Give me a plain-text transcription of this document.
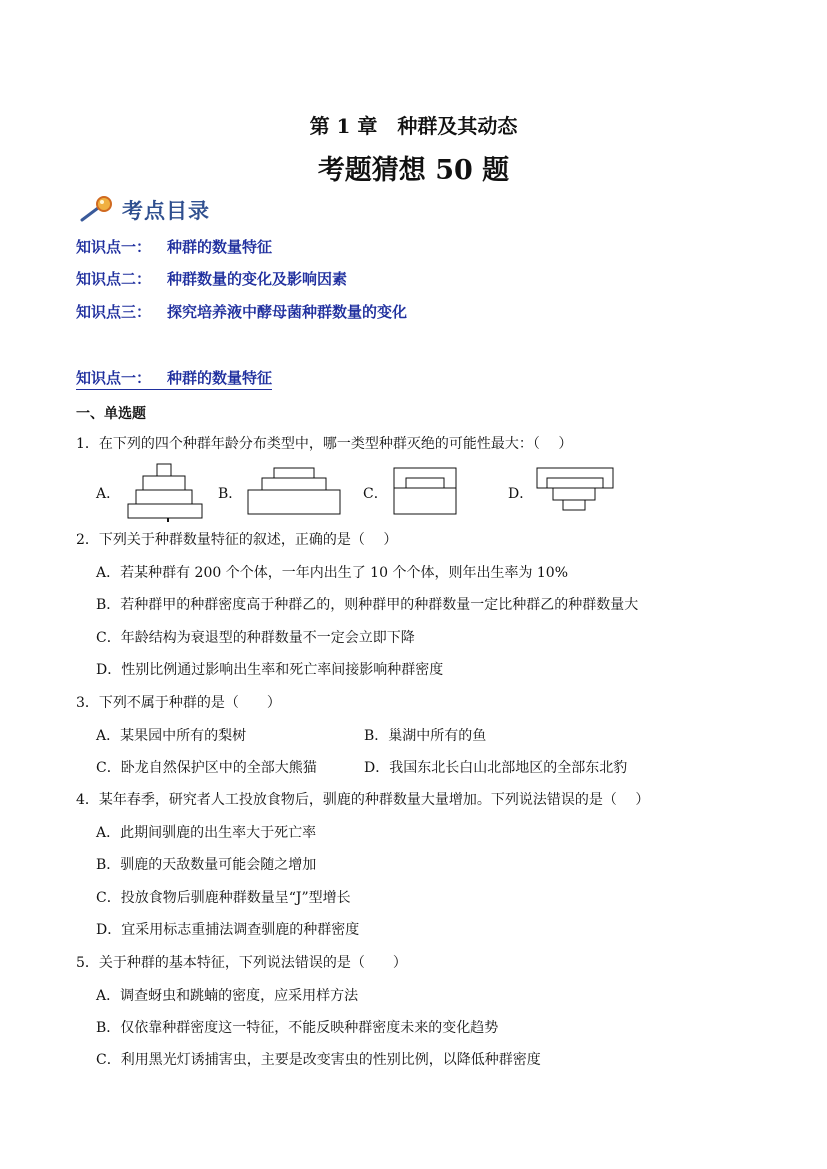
第 1 章　种群及其动态
考题猜想 50 题
考点目录
知识点一： 种群的数量特征
知识点二： 种群数量的变化及影响因素
知识点三： 探究培养液中酵母菌种群数量的变化
知识点一： 种群的数量特征
一、单选题
1．在下列的四个种群年龄分布类型中，哪一类型种群灭绝的可能性最大：（　 ）
A．	B．	C．	D．
2．下列关于种群数量特征的叙述，正确的是（　 ）
A．若某种群有 200 个个体，一年内出生了 10 个个体，则年出生率为 10%
B．若种群甲的种群密度高于种群乙的，则种群甲的种群数量一定比种群乙的种群数量大
C．年龄结构为衰退型的种群数量不一定会立即下降
D．性别比例通过影响出生率和死亡率间接影响种群密度
3．下列不属于种群的是（　　）
A．某果园中所有的梨树	B．巢湖中所有的鱼
C．卧龙自然保护区中的全部大熊猫	D．我国东北长白山北部地区的全部东北豹
4．某年春季，研究者人工投放食物后，驯鹿的种群数量大量增加。下列说法错误的是（　 ）
A．此期间驯鹿的出生率大于死亡率
B．驯鹿的天敌数量可能会随之增加
C．投放食物后驯鹿种群数量呈“J”型增长
D．宜采用标志重捕法调查驯鹿的种群密度
5．关于种群的基本特征，下列说法错误的是（　　）
A．调查蚜虫和跳蝻的密度，应采用样方法
B．仅依靠种群密度这一特征，不能反映种群密度未来的变化趋势
C．利用黑光灯诱捕害虫，主要是改变害虫的性别比例，以降低种群密度
